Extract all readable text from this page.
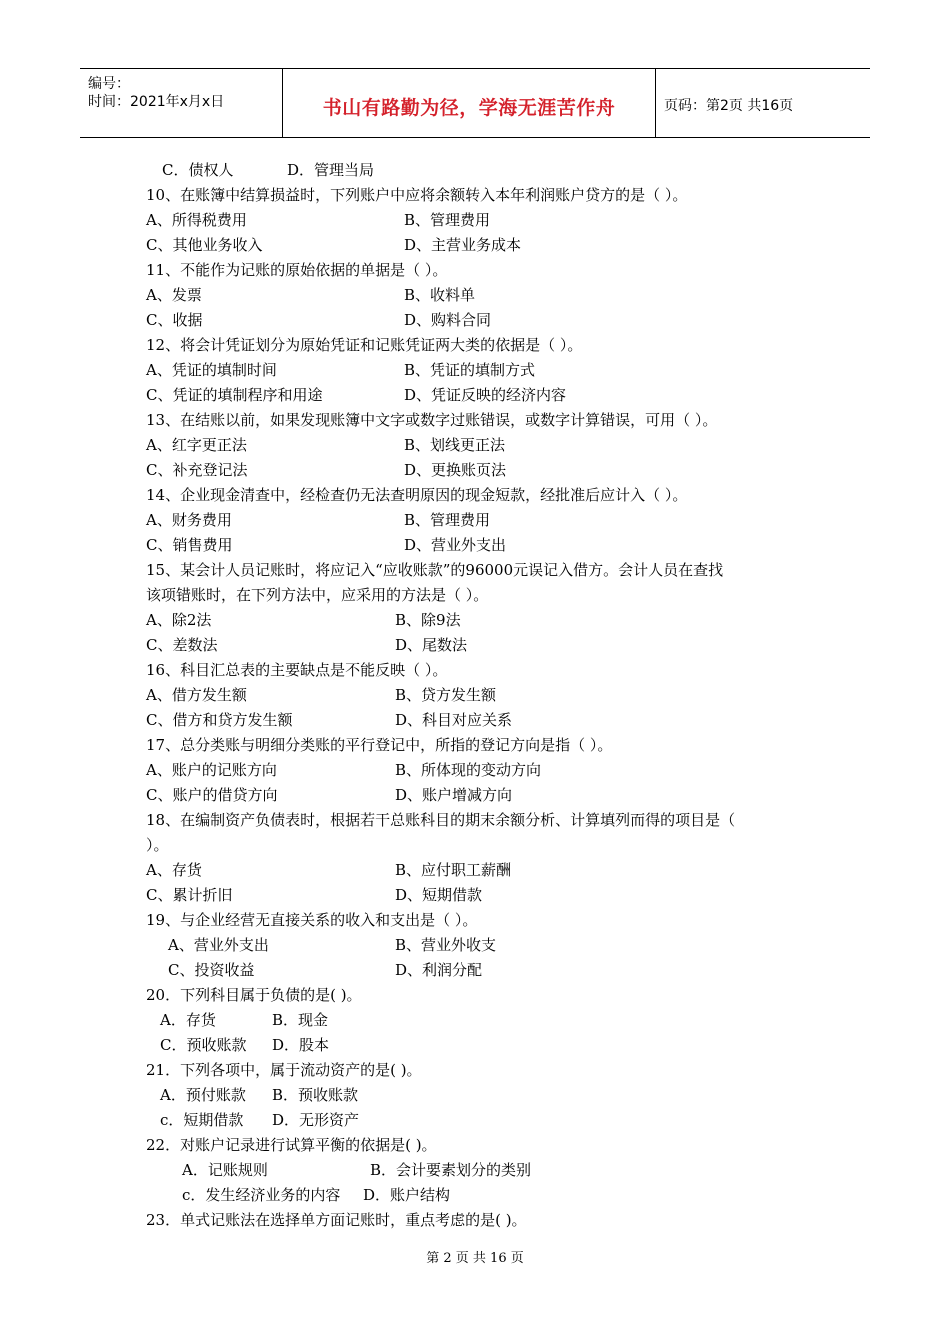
编号：
时间：2021年x月x日	书山有路勤为径，学海无涯苦作舟	页码：第2页 共16页
C．债权人	D．管理当局
10、在账簿中结算损益时，下列账户中应将余额转入本年利润账户贷方的是（ ）。
A、所得税费用	B、管理费用
C、其他业务收入	D、主营业务成本
11、不能作为记账的原始依据的单据是（ ）。
A、发票	B、收料单
C、收据	D、购料合同
12、将会计凭证划分为原始凭证和记账凭证两大类的依据是（ ）。
A、凭证的填制时间	B、凭证的填制方式
C、凭证的填制程序和用途	D、凭证反映的经济内容
13、在结账以前，如果发现账簿中文字或数字过账错误，或数字计算错误，可用（ ）。
A、红字更正法	B、划线更正法
C、补充登记法	D、更换账页法
14、企业现金清查中，经检查仍无法查明原因的现金短款，经批准后应计入（ ）。
A、财务费用	B、管理费用
C、销售费用	D、营业外支出
15、某会计人员记账时，将应记入“应收账款”的96000元误记入借方。会计人员在查找
该项错账时，在下列方法中，应采用的方法是（ ）。
A、除2法	B、除9法
C、差数法	D、尾数法
16、科目汇总表的主要缺点是不能反映（ ）。
A、借方发生额	B、贷方发生额
C、借方和贷方发生额	D、科目对应关系
17、总分类账与明细分类账的平行登记中，所指的登记方向是指（ ）。
A、账户的记账方向	B、所体现的变动方向
C、账户的借贷方向	D、账户增减方向
18、在编制资产负债表时，根据若干总账科目的期末余额分析、计算填列而得的项目是（
）。
A、存货	B、应付职工薪酬
C、累计折旧	D、短期借款
19、与企业经营无直接关系的收入和支出是（ ）。
A、营业外支出	B、营业外收支
C、投资收益	D、利润分配
20．下列科目属于负债的是( )。
A．存货	B．现金
C．预收账款 D．股本
21．下列各项中，属于流动资产的是( )。
A．预付账款 B．预收账款
c．短期借款 D．无形资产
22．对账户记录进行试算平衡的依据是( )。
A．记账规则	B．会计要素划分的类别
c．发生经济业务的内容 D．账户结构
23．单式记账法在选择单方面记账时，重点考虑的是( )。
第 2 页 共 16 页
